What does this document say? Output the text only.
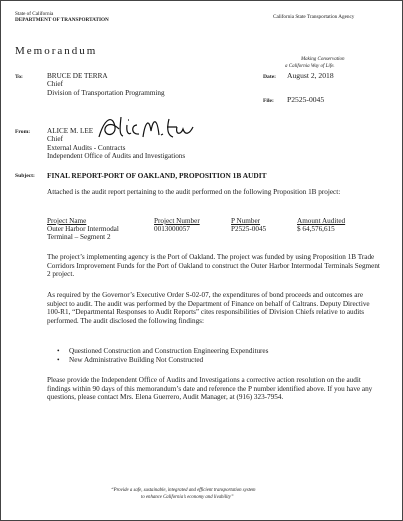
State of California
DEPARTMENT OF TRANSPORTATION	California State Transportation Agency
Memorandum
Making Conservation
a California Way of Life.
To:	BRUCE DE TERRA
Chief
Division of Transportation Programming
Date: August 2, 2018
File: P2525-0045
From: ALICE M. LEE
Chief
External Audits - Contracts
Independent Office of Audits and Investigations
Subject: FINAL REPORT-PORT OF OAKLAND, PROPOSITION 1B AUDIT
Attached is the audit report pertaining to the audit performed on the following Proposition 1B project:
Project Name	Project Number	P Number	Amount Audited
Outer Harbor Intermodal
Terminal – Segment 2
0013000057	P2525-0045	$ 64,576,615
The project’s implementing agency is the Port of Oakland. The project was funded by using Proposition 1B Trade Corridors Improvement Funds for the Port of Oakland to construct the Outer Harbor Intermodal Terminals Segment 2 project.
As required by the Governor’s Executive Order S-02-07, the expenditures of bond proceeds and outcomes are subject to audit. The audit was performed by the Department of Finance on behalf of Caltrans. Deputy Directive 100-R1, “Departmental Responses to Audit Reports” cites responsibilities of Division Chiefs relative to audits performed. The audit disclosed the following findings:
• Questioned Construction and Construction Engineering Expenditures
• New Administrative Building Not Constructed
Please provide the Independent Office of Audits and Investigations a corrective action resolution on the audit findings within 90 days of this memorandum’s date and reference the P number identified above. If you have any questions, please contact Mrs. Elena Guerrero, Audit Manager, at (916) 323-7954.
“Provide a safe, sustainable, integrated and efficient transportation system
to enhance California’s economy and livability”
